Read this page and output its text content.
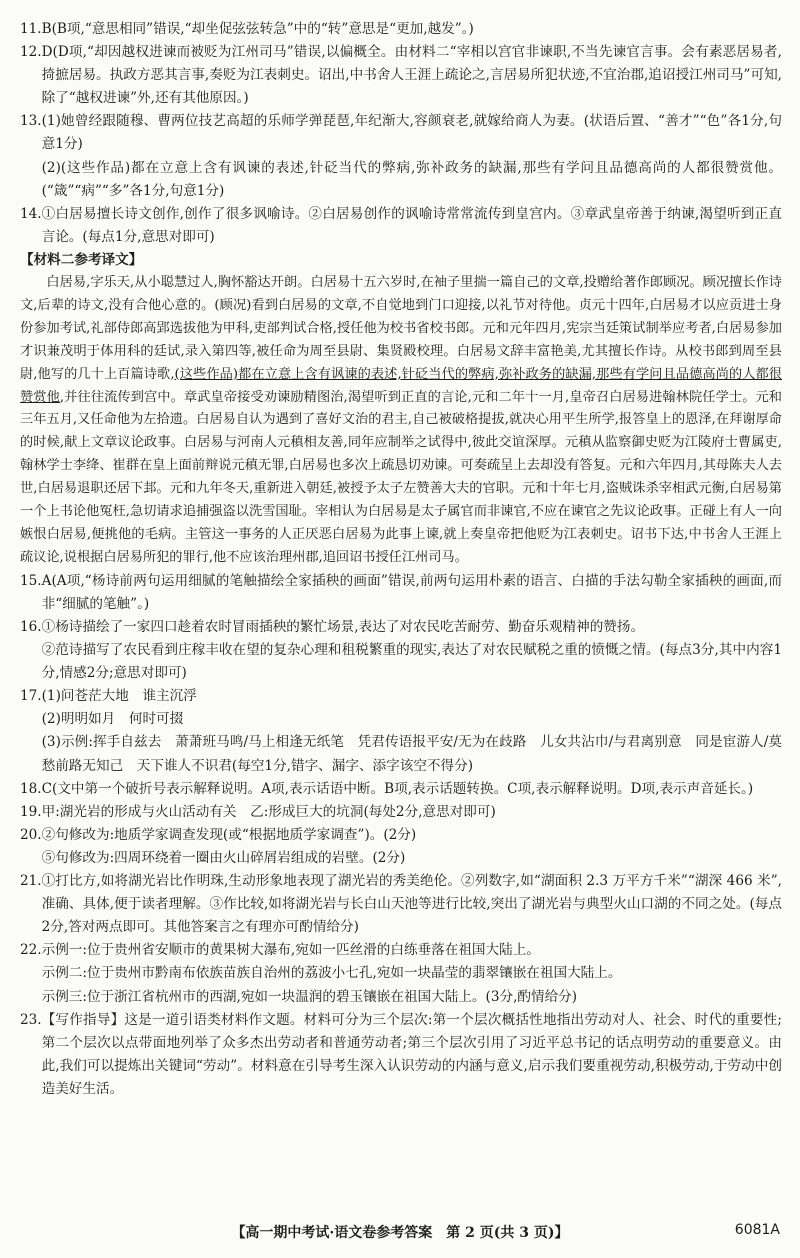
11. B(B项,“意思相同”错误,“却坐促弦弦转急”中的“转”意思是“更加,越发”。)

12. D(D项,“却因越权进谏而被贬为江州司马”错误,以偏概全。由材料二“宰相以宫官非谏职,不当先谏官言事。会有素恶居易者,掎摭居易。执政方恶其言事,奏贬为江表刺史。诏出,中书舍人王涯上疏论之,言居易所犯状迹,不宜治郡,追诏授江州司马”可知,除了“越权进谏”外,还有其他原因。)

13. (1)她曾经跟随穆、曹两位技艺高超的乐师学弹琵琶,年纪渐大,容颜衰老,就嫁给商人为妻。(状语后置、“善才”“色”各1分,句意1分)

(2)(这些作品)都在立意上含有讽谏的表述,针砭当代的弊病,弥补政务的缺漏,那些有学问且品德高尚的人都很赞赏他。(“箴”“病”“多”各1分,句意1分)

14. ①白居易擅长诗文创作,创作了很多讽喻诗。②白居易创作的讽喻诗常常流传到皇宫内。③章武皇帝善于纳谏,渴望听到正直言论。(每点1分,意思对即可)

【材料二参考译文】

白居易,字乐天,从小聪慧过人,胸怀豁达开朗。白居易十五六岁时,在袖子里揣一篇自己的文章,投赠给著作郎顾况。顾况擅长作诗文,后辈的诗文,没有合他心意的。(顾况)看到白居易的文章,不自觉地到门口迎接,以礼节对待他。贞元十四年,白居易才以应贡进士身份参加考试,礼部侍郎高郢选拔他为甲科,吏部判试合格,授任他为校书省校书郎。元和元年四月,宪宗当廷策试制举应考者,白居易参加才识兼茂明于体用科的廷试,录入第四等,被任命为周至县尉、集贤殿校理。白居易文辞丰富艳美,尤其擅长作诗。从校书郎到周至县尉,他写的几十上百篇诗歌,(这些作品)都在立意上含有讽谏的表述,针砭当代的弊病,弥补政务的缺漏,那些有学问且品德高尚的人都很赞赏他,并往往流传到宫中。章武皇帝接受劝谏励精图治,渴望听到正直的言论,元和二年十一月,皇帝召白居易进翰林院任学士。元和三年五月,又任命他为左拾遗。白居易自认为遇到了喜好文治的君主,自己被破格提拔,就决心用平生所学,报答皇上的恩泽,在拜谢厚命的时候,献上文章议论政事。白居易与河南人元稹相友善,同年应制举之试得中,彼此交谊深厚。元稹从监察御史贬为江陵府士曹属吏,翰林学士李绛、崔群在皇上面前辩说元稹无罪,白居易也多次上疏恳切劝谏。可奏疏呈上去却没有答复。元和六年四月,其母陈夫人去世,白居易退职还居下邽。元和九年冬天,重新进入朝廷,被授予太子左赞善大夫的官职。元和十年七月,盗贼诛杀宰相武元衡,白居易第一个上书论他冤枉,急切请求追捕强盗以洗雪国耻。宰相认为白居易是太子属官而非谏官,不应在谏官之先议论政事。正碰上有人一向嫉恨白居易,便挑他的毛病。主管这一事务的人正厌恶白居易为此事上谏,就上奏皇帝把他贬为江表刺史。诏书下达,中书舍人王涯上疏议论,说根据白居易所犯的罪行,他不应该治理州郡,追回诏书授任江州司马。

15. A(A项,“杨诗前两句运用细腻的笔触描绘全家插秧的画面”错误,前两句运用朴素的语言、白描的手法勾勒全家插秧的画面,而非“细腻的笔触”。)

16. ①杨诗描绘了一家四口趁着农时冒雨插秧的繁忙场景,表达了对农民吃苦耐劳、勤奋乐观精神的赞扬。

②范诗描写了农民看到庄稼丰收在望的复杂心理和租税繁重的现实,表达了对农民赋税之重的愤慨之情。(每点3分,其中内容1分,情感2分;意思对即可)

17. (1)问苍茫大地　谁主沉浮

(2)明明如月　何时可掇

(3)示例:挥手自兹去　萧萧班马鸣/马上相逢无纸笔　凭君传语报平安/无为在歧路　儿女共沾巾/与君离别意　同是宦游人/莫愁前路无知己　天下谁人不识君(每空1分,错字、漏字、添字该空不得分)

18. C(文中第一个破折号表示解释说明。A项,表示话语中断。B项,表示话题转换。C项,表示解释说明。D项,表示声音延长。)

19. 甲:湖光岩的形成与火山活动有关　乙:形成巨大的坑洞(每处2分,意思对即可)

20. ②句修改为:地质学家调查发现(或“根据地质学家调查”)。(2分)

⑤句修改为:四周环绕着一圈由火山碎屑岩组成的岩壁。(2分)

21. ①打比方,如将湖光岩比作明珠,生动形象地表现了湖光岩的秀美绝伦。②列数字,如“湖面积 2.3 万平方千米”“湖深 466 米”,准确、具体,便于读者理解。③作比较,如将湖光岩与长白山天池等进行比较,突出了湖光岩与典型火山口湖的不同之处。(每点2分,答对两点即可。其他答案言之有理亦可酌情给分)

22. 示例一:位于贵州省安顺市的黄果树大瀑布,宛如一匹丝滑的白练垂落在祖国大陆上。

示例二:位于贵州市黔南布依族苗族自治州的荔波小七孔,宛如一块晶莹的翡翠镶嵌在祖国大陆上。

示例三:位于浙江省杭州市的西湖,宛如一块温润的碧玉镶嵌在祖国大陆上。(3分,酌情给分)

23. 【写作指导】这是一道引语类材料作文题。材料可分为三个层次:第一个层次概括性地指出劳动对人、社会、时代的重要性;第二个层次以点带面地列举了众多杰出劳动者和普通劳动者;第三个层次引用了习近平总书记的话点明劳动的重要意义。由此,我们可以提炼出关键词“劳动”。材料意在引导考生深入认识劳动的内涵与意义,启示我们要重视劳动,积极劳动,于劳动中创造美好生活。

【高一期中考试·语文卷参考答案　第 2 页(共 3 页)】	6081A
